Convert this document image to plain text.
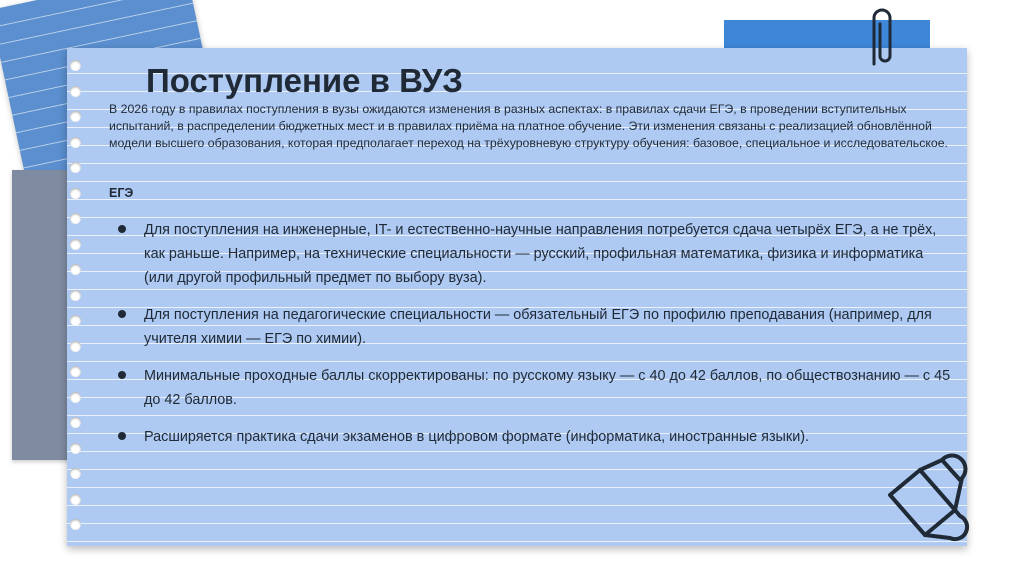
Поступление в ВУЗ

В 2026 году в правилах поступления в вузы ожидаются изменения в разных аспектах: в правилах сдачи ЕГЭ, в проведении вступительных испытаний, в распределении бюджетных мест и в правилах приёма на платное обучение. Эти изменения связаны с реализацией обновлённой модели высшего образования, которая предполагает переход на трёхуровневую структуру обучения: базовое, специальное и исследовательское.

ЕГЭ

Для поступления на инженерные, IT- и естественно-научные направления потребуется сдача четырёх ЕГЭ, а не трёх, как раньше. Например, на технические специальности — русский, профильная математика, физика и информатика (или другой профильный предмет по выбору вуза).
Для поступления на педагогические специальности — обязательный ЕГЭ по профилю преподавания (например, для учителя химии — ЕГЭ по химии).
Минимальные проходные баллы скорректированы: по русскому языку — с 40 до 42 баллов, по обществознанию — с 45 до 42 баллов.
Расширяется практика сдачи экзаменов в цифровом формате (информатика, иностранные языки).
